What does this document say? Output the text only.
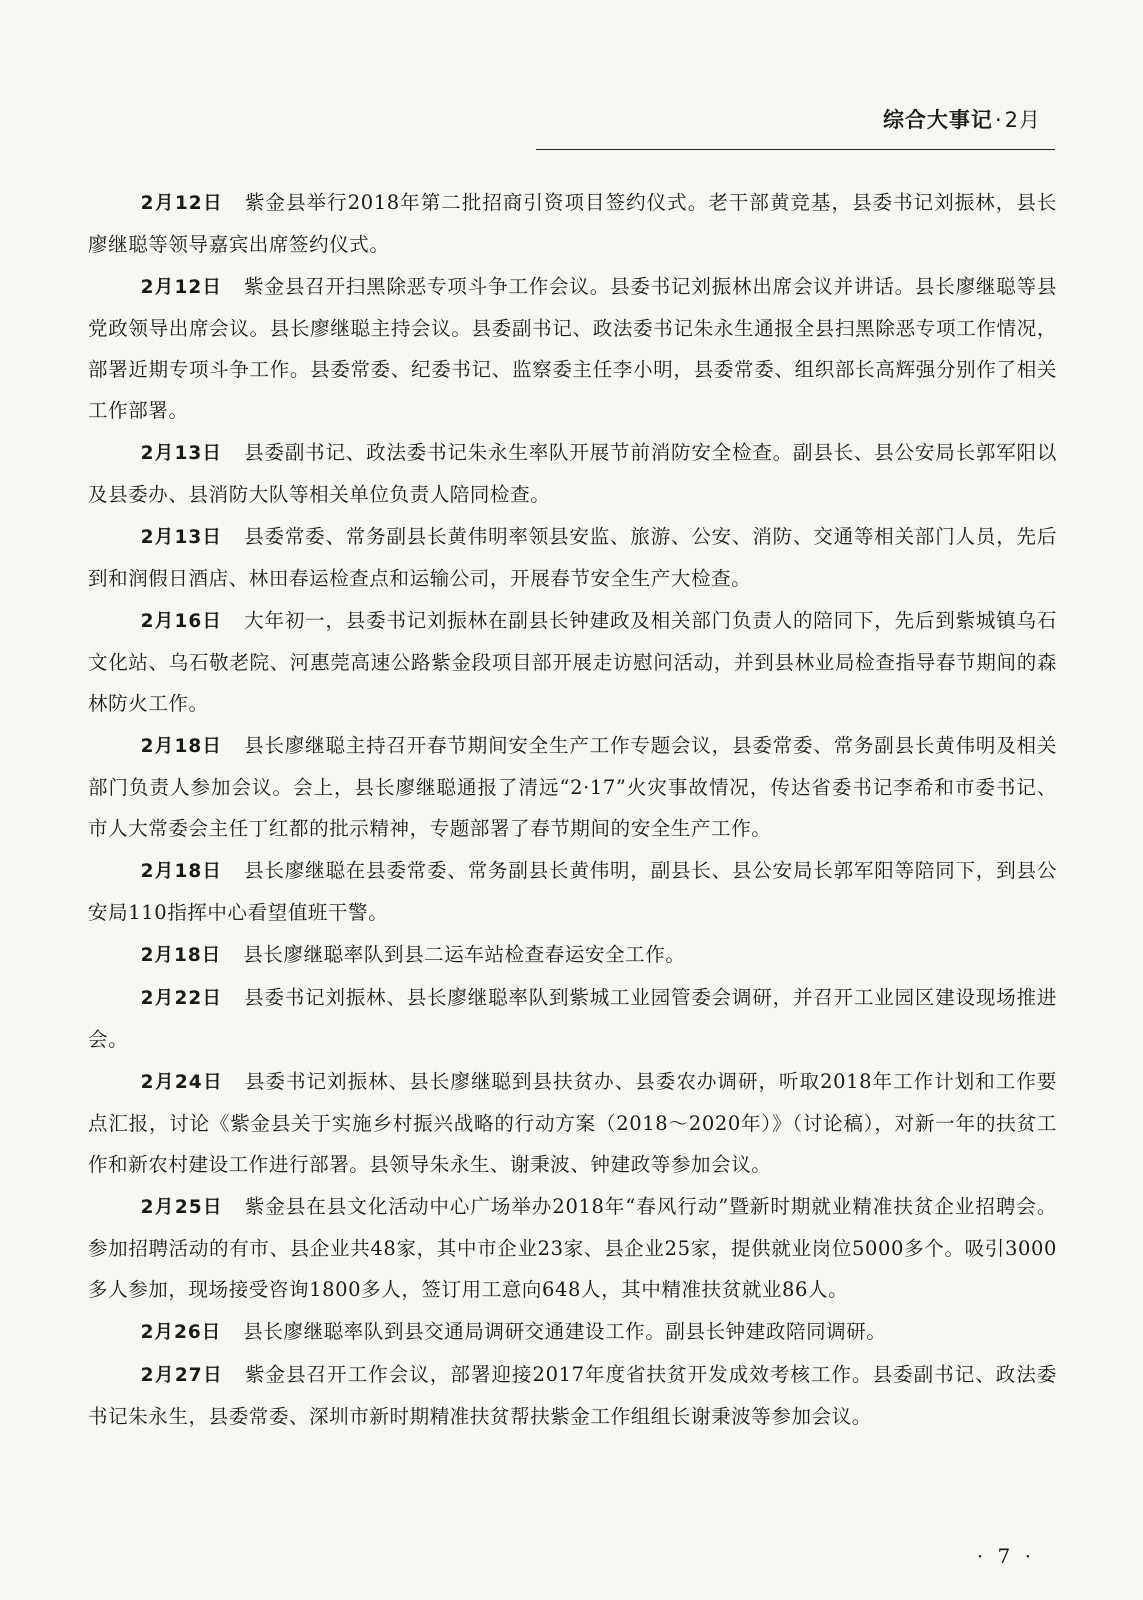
综合大事记·2月

2月12日 紫金县举行2018年第二批招商引资项目签约仪式。老干部黄竞基，县委书记刘振林，县长廖继聪等领导嘉宾出席签约仪式。

2月12日 紫金县召开扫黑除恶专项斗争工作会议。县委书记刘振林出席会议并讲话。县长廖继聪等县党政领导出席会议。县长廖继聪主持会议。县委副书记、政法委书记朱永生通报全县扫黑除恶专项工作情况，部署近期专项斗争工作。县委常委、纪委书记、监察委主任李小明，县委常委、组织部长高辉强分别作了相关工作部署。

2月13日 县委副书记、政法委书记朱永生率队开展节前消防安全检查。副县长、县公安局长郭军阳以及县委办、县消防大队等相关单位负责人陪同检查。

2月13日 县委常委、常务副县长黄伟明率领县安监、旅游、公安、消防、交通等相关部门人员，先后到和润假日酒店、林田春运检查点和运输公司，开展春节安全生产大检查。

2月16日 大年初一，县委书记刘振林在副县长钟建政及相关部门负责人的陪同下，先后到紫城镇乌石文化站、乌石敬老院、河惠莞高速公路紫金段项目部开展走访慰问活动，并到县林业局检查指导春节期间的森林防火工作。

2月18日 县长廖继聪主持召开春节期间安全生产工作专题会议，县委常委、常务副县长黄伟明及相关部门负责人参加会议。会上，县长廖继聪通报了清远“2·17”火灾事故情况，传达省委书记李希和市委书记、市人大常委会主任丁红都的批示精神，专题部署了春节期间的安全生产工作。

2月18日 县长廖继聪在县委常委、常务副县长黄伟明，副县长、县公安局长郭军阳等陪同下，到县公安局110指挥中心看望值班干警。

2月18日 县长廖继聪率队到县二运车站检查春运安全工作。

2月22日 县委书记刘振林、县长廖继聪率队到紫城工业园管委会调研，并召开工业园区建设现场推进会。

2月24日 县委书记刘振林、县长廖继聪到县扶贫办、县委农办调研，听取2018年工作计划和工作要点汇报，讨论《紫金县关于实施乡村振兴战略的行动方案（2018～2020年）》（讨论稿），对新一年的扶贫工作和新农村建设工作进行部署。县领导朱永生、谢秉波、钟建政等参加会议。

2月25日 紫金县在县文化活动中心广场举办2018年“春风行动”暨新时期就业精准扶贫企业招聘会。参加招聘活动的有市、县企业共48家，其中市企业23家、县企业25家，提供就业岗位5000多个。吸引3000多人参加，现场接受咨询1800多人，签订用工意向648人，其中精准扶贫就业86人。

2月26日 县长廖继聪率队到县交通局调研交通建设工作。副县长钟建政陪同调研。

2月27日 紫金县召开工作会议，部署迎接2017年度省扶贫开发成效考核工作。县委副书记、政法委书记朱永生，县委常委、深圳市新时期精准扶贫帮扶紫金工作组组长谢秉波等参加会议。

· 7 ·
